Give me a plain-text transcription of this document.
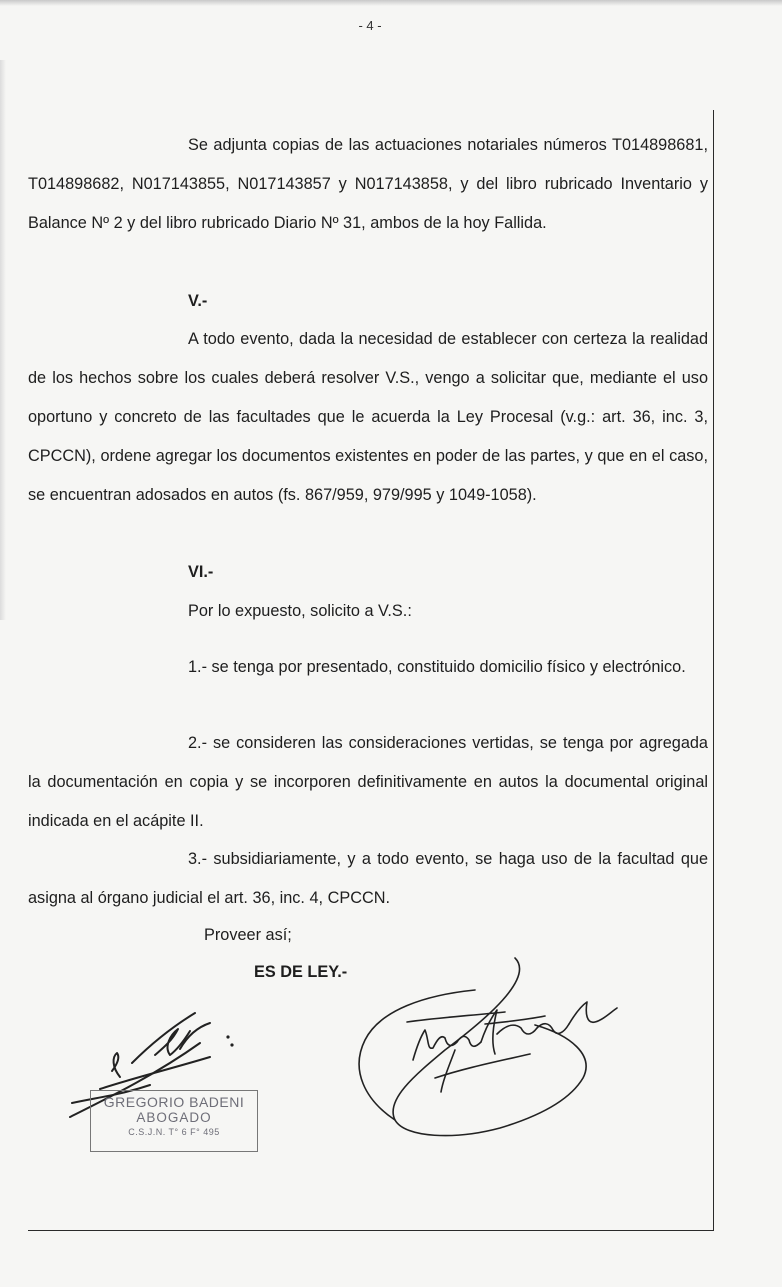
- 4 -

Se adjunta copias de las actuaciones notariales números T014898681, T014898682, N017143855, N017143857 y N017143858, y del libro rubricado Inventario y Balance Nº 2 y del libro rubricado Diario Nº 31, ambos de la hoy Fallida.

V.-

A todo evento, dada la necesidad de establecer con certeza la realidad de los hechos sobre los cuales deberá resolver V.S., vengo a solicitar que, mediante el uso oportuno y concreto de las facultades que le acuerda la Ley Procesal (v.g.: art. 36, inc. 3, CPCCN), ordene agregar los documentos existentes en poder de las partes, y que en el caso, se encuentran adosados en autos (fs. 867/959, 979/995 y 1049-1058).

VI.-

Por lo expuesto, solicito a V.S.:

1.- se tenga por presentado, constituido domicilio físico y electrónico.

2.- se consideren las consideraciones vertidas, se tenga por agregada la documentación en copia y se incorporen definitivamente en autos la documental original indicada en el acápite II.

3.- subsidiariamente, y a todo evento, se haga uso de la facultad que asigna al órgano judicial el art. 36, inc. 4, CPCCN.

Proveer así;

ES DE LEY.-

GREGORIO BADENI
ABOGADO
C.S.J.N. T° 6 F° 495
